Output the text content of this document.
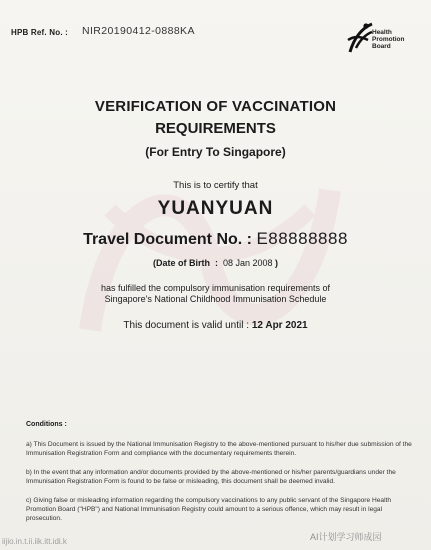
HPB Ref. No. : NIR20190412-0888KA	Health
Promotion
Board
VERIFICATION OF VACCINATION
REQUIREMENTS
(For Entry To Singapore)
This is to certify that
YUANYUAN
Travel Document No. : E88888888
(Date of Birth : 08 Jan 2008 )
has fulfilled the compulsory immunisation requirements of
Singapore's National Childhood Immunisation Schedule
This document is valid until : 12 Apr 2021
Conditions :
a) This Document is issued by the National Immunisation Registry to the above-mentioned pursuant to his/her due submission of the Immunisation Registration Form and compliance with the documentary requirements therein.
b) In the event that any information and/or documents provided by the above-mentioned or his/her parents/guardians under the Immunisation Registration Form is found to be false or misleading, this document shall be deemed invalid.
c) Giving false or misleading information regarding the compulsory vaccinations to any public servant of the Singapore Health Promotion Board ("HPB") and National Immunisation Registry could amount to a serious offence, which may result in legal prosecution.
AI计划学习师成园
iijio.in.t.ii.iik.itt.idi.k
